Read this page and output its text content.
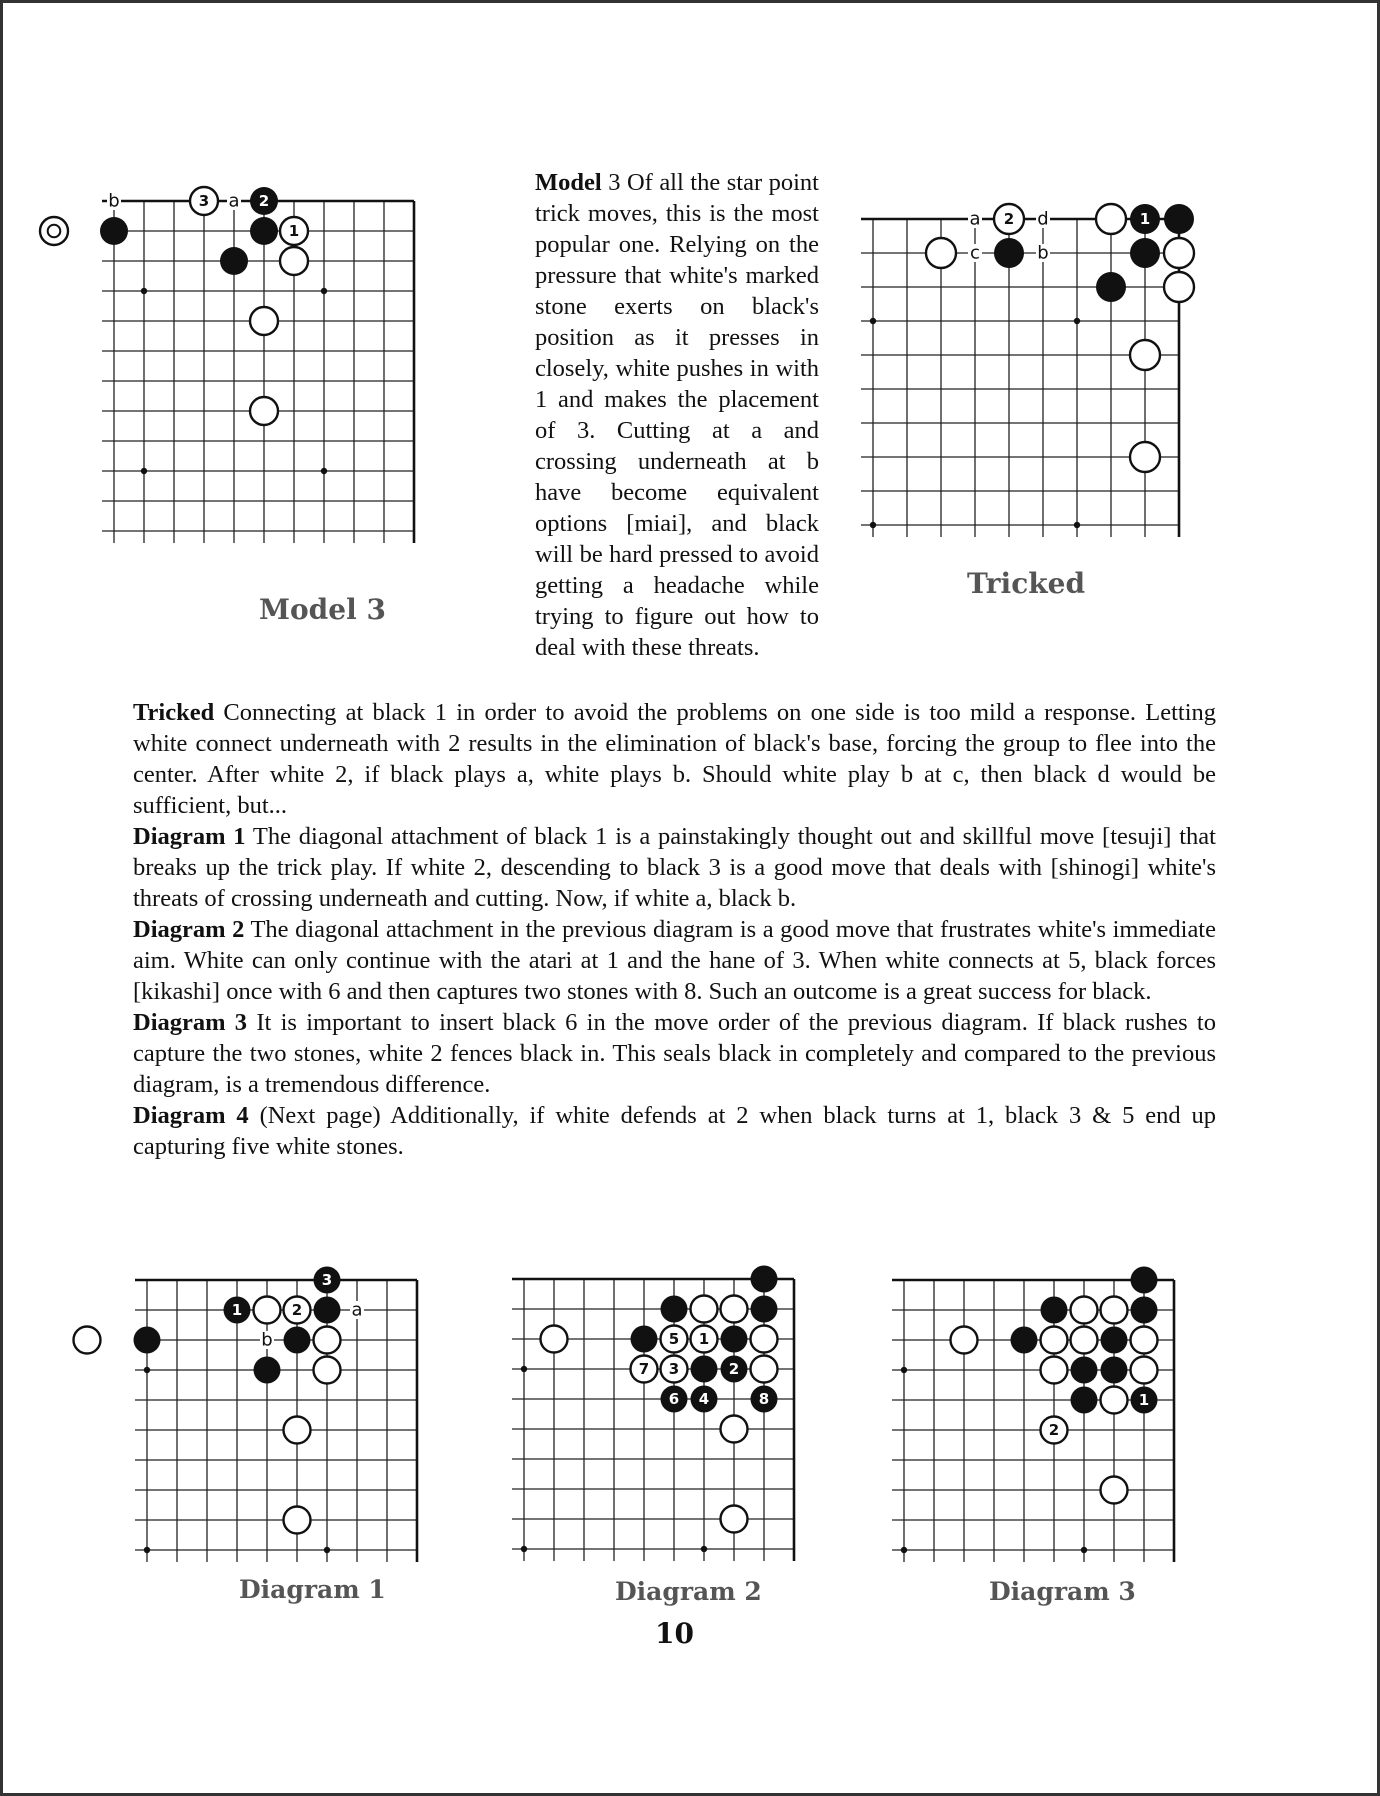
a
b
1
2
3
Model 3
Model 3 Of all the star point trick moves, this is the most popular one. Relying on the pressure that white's marked stone exerts on black's position as it presses in closely, white pushes in with 1 and makes the placement of 3. Cutting at a and crossing underneath at b have become equivalent options [miai], and black will be hard pressed to avoid getting a headache while trying to figure out how to deal with these threats.
a	d
c	b
1
2
Tricked

Tricked Connecting at black 1 in order to avoid the problems on one side is too mild a response. Letting white connect underneath with 2 results in the elimination of black's base, forcing the group to flee into the center. After white 2, if black plays a, white plays b. Should white play b at c, then black d would be sufficient, but...

Diagram 1 The diagonal attachment of black 1 is a painstakingly thought out and skillful move [tesuji] that breaks up the trick play. If white 2, descending to black 3 is a good move that deals with [shinogi] white's threats of crossing underneath and cutting. Now, if white a, black b.

Diagram 2 The diagonal attachment in the previous diagram is a good move that frustrates white's immediate aim. White can only continue with the atari at 1 and the hane of 3. When white connects at 5, black forces [kikashi] once with 6 and then captures two stones with 8. Such an outcome is a great success for black.

Diagram 3 It is important to insert black 6 in the move order of the previous diagram. If black rushes to capture the two stones, white 2 fences black in. This seals black in completely and compared to the previous diagram, is a tremendous difference.

Diagram 4 (Next page) Additionally, if white defends at 2 when black turns at 1, black 3 & 5 end up capturing five white stones.

a
b
3
1	2
Diagram 1
5 1
7 3	2
6 4	8
Diagram 2
1
2
Diagram 3
10
